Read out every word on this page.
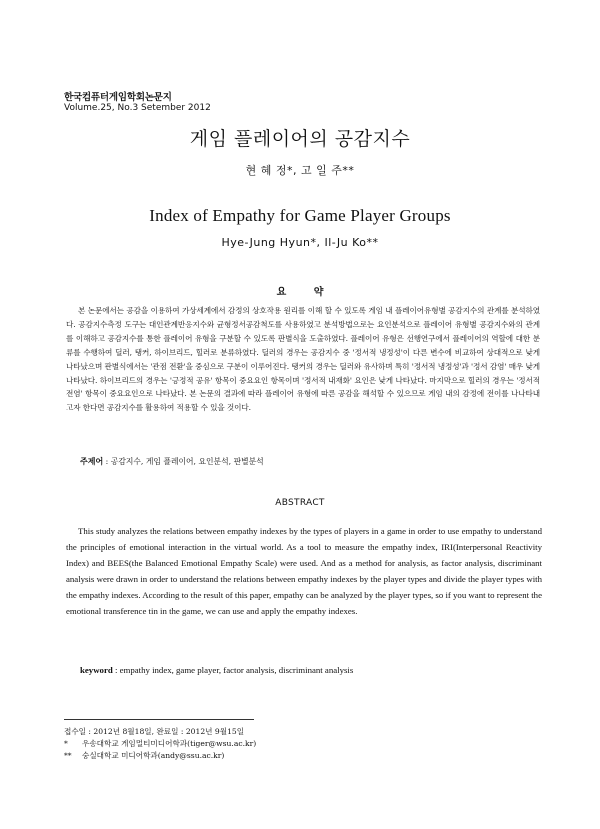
한국컴퓨터게임학회논문지
Volume.25, No.3 Setember 2012
게임 플레이어의 공감지수
현 혜 정*, 고 일 주**
Index of Empathy for Game Player Groups
Hye-Jung Hyun*, Il-Ju Ko**
요 약

본 논문에서는 공감을 이용하여 가상세계에서 감정의 상호작용 원리를 이해 할 수 있도록 게임 내 플레이어유형별 공감지수의 관계를 분석하였다. 공감지수측정 도구는 대인관계반응지수와 균형정서공감척도를 사용하였고 분석방법으로는 요인분석으로 플레이어 유형별 공감지수와의 관계를 이해하고 공감지수를 통한 플레이어 유형을 구분할 수 있도록 판별식을 도출하였다. 플레이어 유형은 선행연구에서 플레이어의 역할에 대한 분류를 수행하여 딜러, 탱커, 하이브리드, 힐러로 분류하였다. 딜러의 경우는 공감지수 중 '정서적 냉정성'이 다른 변수에 비교하여 상대적으로 낮게 나타났으며 판별식에서는 '관점 전환'을 중심으로 구분이 이루어진다. 탱커의 경우는 딜러와 유사하며 특히 '정서적 냉정성'과 '정서 감염' 매우 낮게 나타났다. 하이브리드의 경우는 '긍정적 공유' 항목이 중요요인 항목이며 '정서적 내재화' 요인은 낮게 나타났다. 마지막으로 힐러의 경우는 '정서적 전염' 항목이 중요요인으로 나타났다. 본 논문의 결과에 따라 플레이어 유형에 따른 공감을 해석할 수 있으므로 게임 내의 감정에 전이를 나나타내고자 한다면 공감지수를 활용하여 적용할 수 있을 것이다.

주제어 : 공감지수, 게임 플레이어, 요인분석, 판별분석

ABSTRACT

This study analyzes the relations between empathy indexes by the types of players in a game in order to use empathy to understand the principles of emotional interaction in the virtual world. As a tool to measure the empathy index, IRI(Interpersonal Reactivity Index) and BEES(the Balanced Emotional Empathy Scale) were used. And as a method for analysis, as factor analysis, discriminant analysis were drawn in order to understand the relations between empathy indexes by the player types and divide the player types with the empathy indexes. According to the result of this paper, empathy can be analyzed by the player types, so if you want to represent the emotional transference tin in the game, we can use and apply the empathy indexes.

keyword : empathy index, game player, factor analysis, discriminant analysis

접수일 : 2012년 8월18일, 완료일 : 2012년 9월15일
* 우송대학교 게임멀티미디어학과(tiger@wsu.ac.kr)
** 숭실대학교 미디어학과(andy@ssu.ac.kr)
